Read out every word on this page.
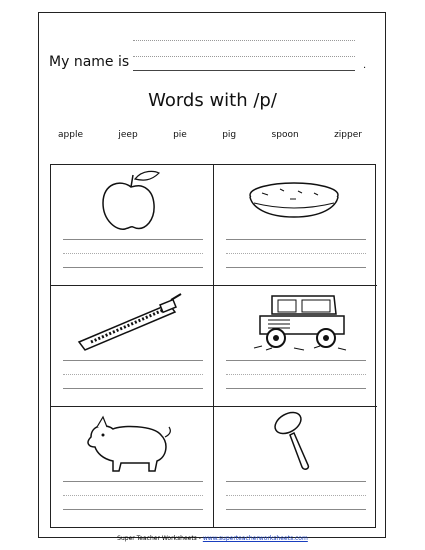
My name is	.
Words with /p/
apple	jeep	pie	pig	spoon	zipper
Super Teacher Worksheets - www.superteacherworksheets.com
